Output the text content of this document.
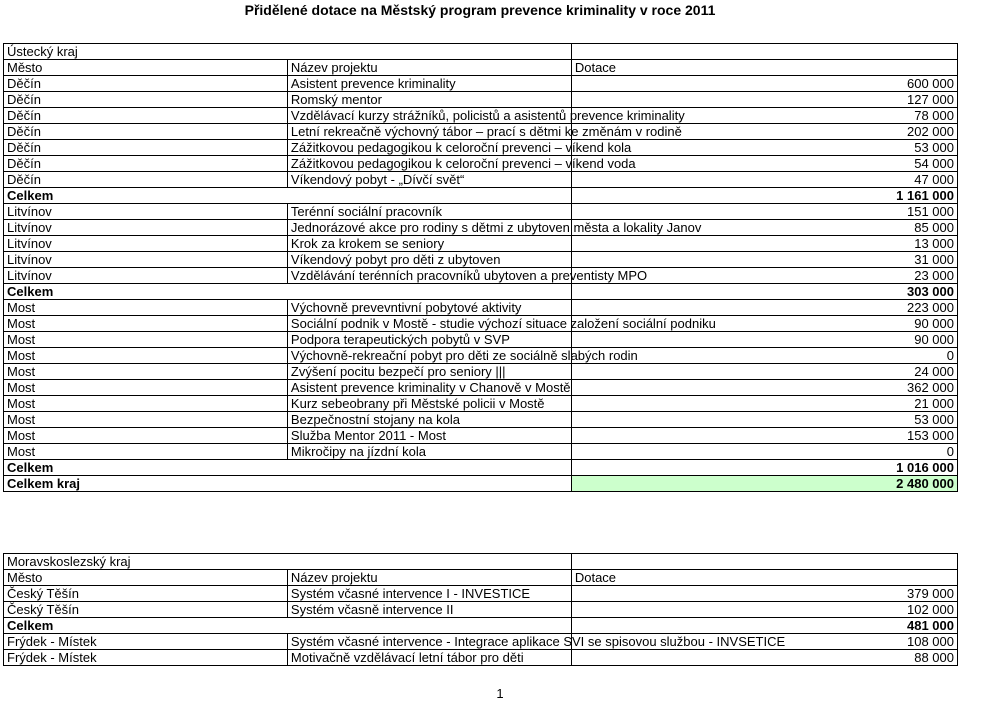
Přidělené dotace na Městský program prevence kriminality v roce 2011
Ústecký kraj		
Město	Název projektu	Dotace
Děčín	Asistent prevence kriminality	600 000
Děčín	Romský mentor	127 000
Děčín	Vzdělávací kurzy strážníků, policistů a asistentů prevence kriminality	78 000
Děčín	Letní rekreačně výchovný tábor – prací s dětmi ke změnám v rodině	202 000
Děčín	Zážitkovou pedagogikou k celoroční prevenci – víkend kola	53 000
Děčín	Zážitkovou pedagogikou k celoroční prevenci – víkend voda	54 000
Děčín	Víkendový pobyt - „Dívčí svět“	47 000
Celkem		1 161 000
Litvínov	Terénní sociální pracovník	151 000
Litvínov	Jednorázové akce pro rodiny s dětmi z ubytoven města a lokality Janov	85 000
Litvínov	Krok za krokem se seniory	13 000
Litvínov	Víkendový pobyt pro děti z ubytoven	31 000
Litvínov	Vzdělávání terénních pracovníků ubytoven a preventisty MPO	23 000
Celkem		303 000
Most	Výchovně prevevntivní pobytové aktivity	223 000
Most	Sociální podnik v Mostě - studie výchozí situace založení sociální podniku	90 000
Most	Podpora terapeutických pobytů v SVP	90 000
Most	Výchovně-rekreační pobyt pro děti ze sociálně slabých rodin	0
Most	Zvýšení pocitu bezpečí pro seniory |||	24 000
Most	Asistent prevence kriminality v Chanově v Mostě	362 000
Most	Kurz sebeobrany při Městské policii v Mostě	21 000
Most	Bezpečnostní stojany na kola	53 000
Most	Služba Mentor 2011 - Most	153 000
Most	Mikročipy na jízdní kola	0
Celkem		1 016 000
Celkem kraj		2 480 000
Moravskoslezský kraj		
Město	Název projektu	Dotace
Český Těšín	Systém včasné intervence I - INVESTICE	379 000
Český Těšín	Systém včasně intervence II	102 000
Celkem		481 000
Frýdek - Místek	Systém včasné intervence - Integrace aplikace SVI se spisovou službou - INVSETICE	108 000
Frýdek - Místek	Motivačně vzdělávací letní tábor pro děti	88 000
1
